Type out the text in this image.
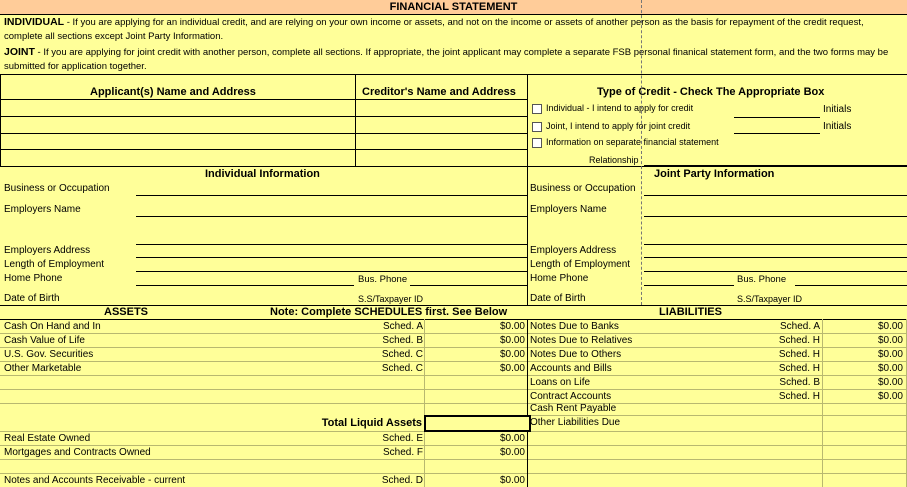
FINANCIAL STATEMENT
INDIVIDUAL - If you are applying for an individual credit, and are relying on your own income or assets, and not on the income or assets of another person as the basis for repayment of the credit request, complete all sections except Joint Party Information.
JOINT - If you are applying for joint credit with another person, complete all sections. If appropriate, the joint applicant may complete a separate FSB personal finanical statement form, and the two forms may be submitted for application together.
Applicant(s) Name and Address	Creditor's Name and Address	Type of Credit - Check The Appropriate Box
Individual - I intend to apply for credit	Initials
Joint, I intend to apply for joint credit	Initials
Information on separate financial statement
Relationship
Individual Information	Joint Party Information
Business or Occupation
Employers Name
Employers Address
Length of Employment
Home Phone	Bus. Phone
Date of Birth	S.S/Taxpayer ID
Business or Occupation
Employers Name
Employers Address
Length of Employment
Home Phone	Bus. Phone
Date of Birth	S.S/Taxpayer ID
ASSETS	Note: Complete SCHEDULES first. See Below	LIABILITIES
Cash On Hand and In	Sched. A	$0.00
Cash Value of Life	Sched. B	$0.00
U.S. Gov. Securities	Sched. C	$0.00
Other Marketable	Sched. C	$0.00
Total Liquid Assets
Real Estate Owned	Sched. E	$0.00
Mortgages and Contracts Owned	Sched. F	$0.00
Notes and Accounts Receivable - current	Sched. D	$0.00
Notes Due to Banks	Sched. A	$0.00
Notes Due to Relatives	Sched. H	$0.00
Notes Due to Others	Sched. H	$0.00
Accounts and Bills	Sched. H	$0.00
Loans on Life	Sched. B	$0.00
Contract Accounts	Sched. H	$0.00
Cash Rent Payable
Other Liabilities Due
